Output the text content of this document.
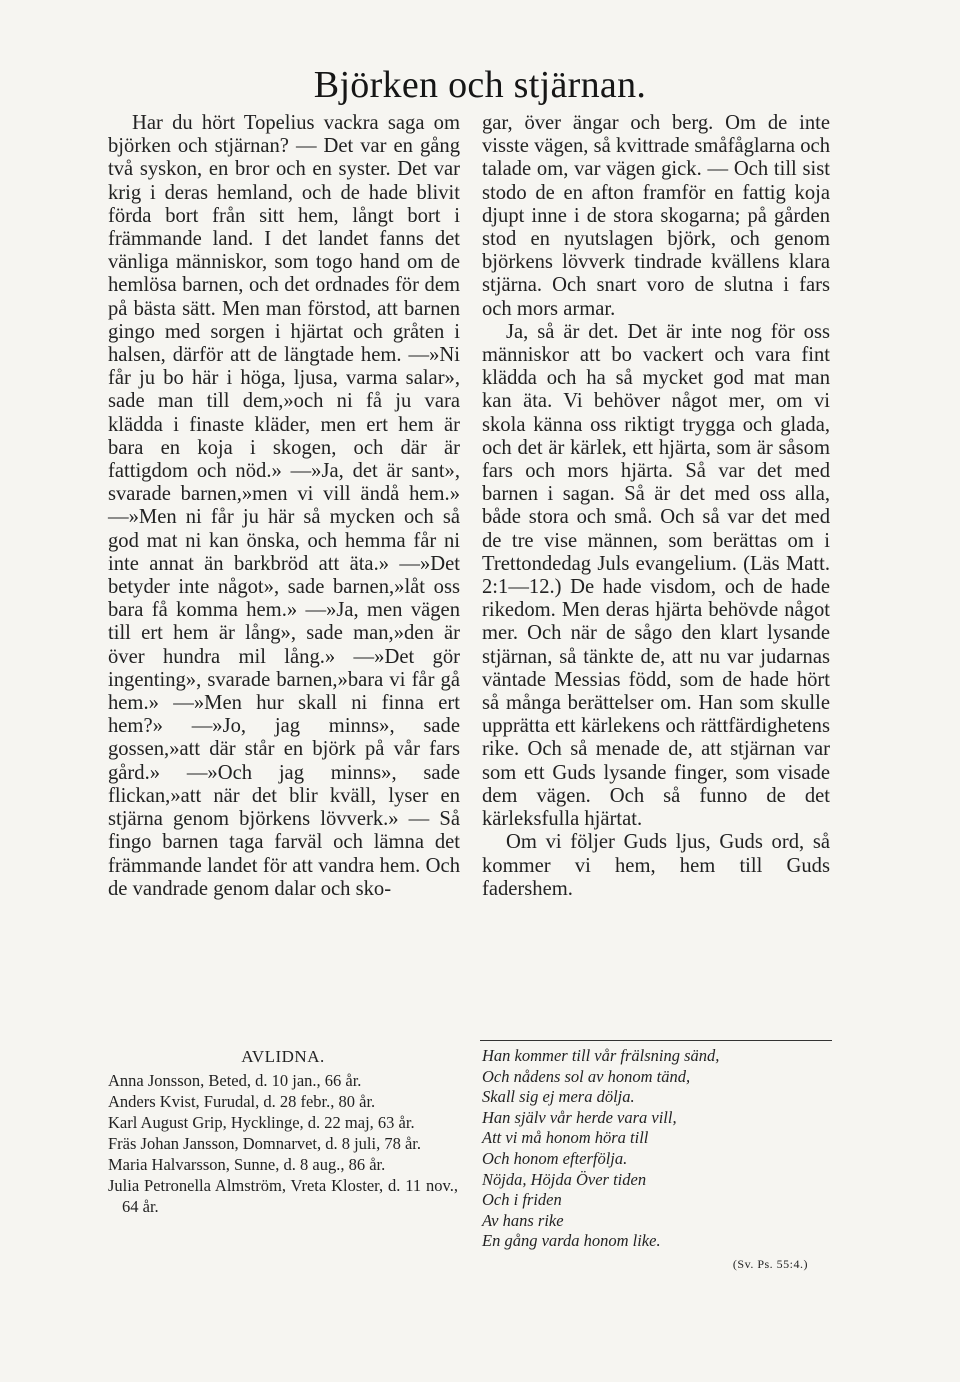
Björken och stjärnan.

Har du hört Topelius vackra saga om björken och stjärnan? — Det var en gång två syskon, en bror och en syster. Det var krig i deras hemland, och de hade blivit förda bort från sitt hem, långt bort i främmande land. I det landet fanns det vänliga människor, som togo hand om de hemlösa barnen, och det ordnades för dem på bästa sätt. Men man förstod, att barnen gingo med sorgen i hjärtat och gråten i halsen, därför att de längtade hem. —»Ni får ju bo här i höga, ljusa, varma salar», sade man till dem,»och ni få ju vara klädda i finaste kläder, men ert hem är bara en koja i skogen, och där är fattigdom och nöd.» —»Ja, det är sant», svarade barnen,»men vi vill ändå hem.» —»Men ni får ju här så mycken och så god mat ni kan önska, och hemma får ni inte annat än barkbröd att äta.» —»Det betyder inte något», sade barnen,»låt oss bara få komma hem.» —»Ja, men vägen till ert hem är lång», sade man,»den är över hundra mil lång.» —»Det gör ingenting», svarade barnen,»bara vi får gå hem.» —»Men hur skall ni finna ert hem?» —»Jo, jag minns», sade gossen,»att där står en björk på vår fars gård.» —»Och jag minns», sade flickan,»att när det blir kväll, lyser en stjärna genom björkens lövverk.» — Så fingo barnen taga farväl och lämna det främmande landet för att vandra hem. Och de vandrade genom dalar och sko-

gar, över ängar och berg. Om de inte visste vägen, så kvittrade småfåglarna och talade om, var vägen gick. — Och till sist stodo de en afton framför en fattig koja djupt inne i de stora skogarna; på gården stod en nyutslagen björk, och genom björkens lövverk tindrade kvällens klara stjärna. Och snart voro de slutna i fars och mors armar.

Ja, så är det. Det är inte nog för oss människor att bo vackert och vara fint klädda och ha så mycket god mat man kan äta. Vi behöver något mer, om vi skola känna oss riktigt trygga och glada, och det är kärlek, ett hjärta, som är såsom fars och mors hjärta. Så var det med barnen i sagan. Så är det med oss alla, både stora och små. Och så var det med de tre vise männen, som berättas om i Trettondedag Juls evangelium. (Läs Matt. 2:1—12.) De hade visdom, och de hade rikedom. Men deras hjärta behövde något mer. Och när de sågo den klart lysande stjärnan, så tänkte de, att nu var judarnas väntade Messias född, som de hade hört så många berättelser om. Han som skulle upprätta ett kärlekens och rättfärdighetens rike. Och så menade de, att stjärnan var som ett Guds lysande finger, som visade dem vägen. Och så funno de det kärleksfulla hjärtat.

Om vi följer Guds ljus, Guds ord, så kommer vi hem, hem till Guds fadershem.

AVLIDNA.
Anna Jonsson, Beted, d. 10 jan., 66 år.
Anders Kvist, Furudal, d. 28 febr., 80 år.
Karl August Grip, Hycklinge, d. 22 maj, 63 år.
Fräs Johan Jansson, Domnarvet, d. 8 juli, 78 år.
Maria Halvarsson, Sunne, d. 8 aug., 86 år.
Julia Petronella Almström, Vreta Kloster, d. 11 nov., 64 år.
Han kommer till vår frälsning sänd,
Och nådens sol av honom tänd,
Skall sig ej mera dölja.
Han själv vår herde vara vill,
Att vi må honom höra till
Och honom efterfölja.
Nöjda, Höjda Över tiden
Och i friden
Av hans rike
En gång varda honom like.
(Sv. Ps. 55:4.)
